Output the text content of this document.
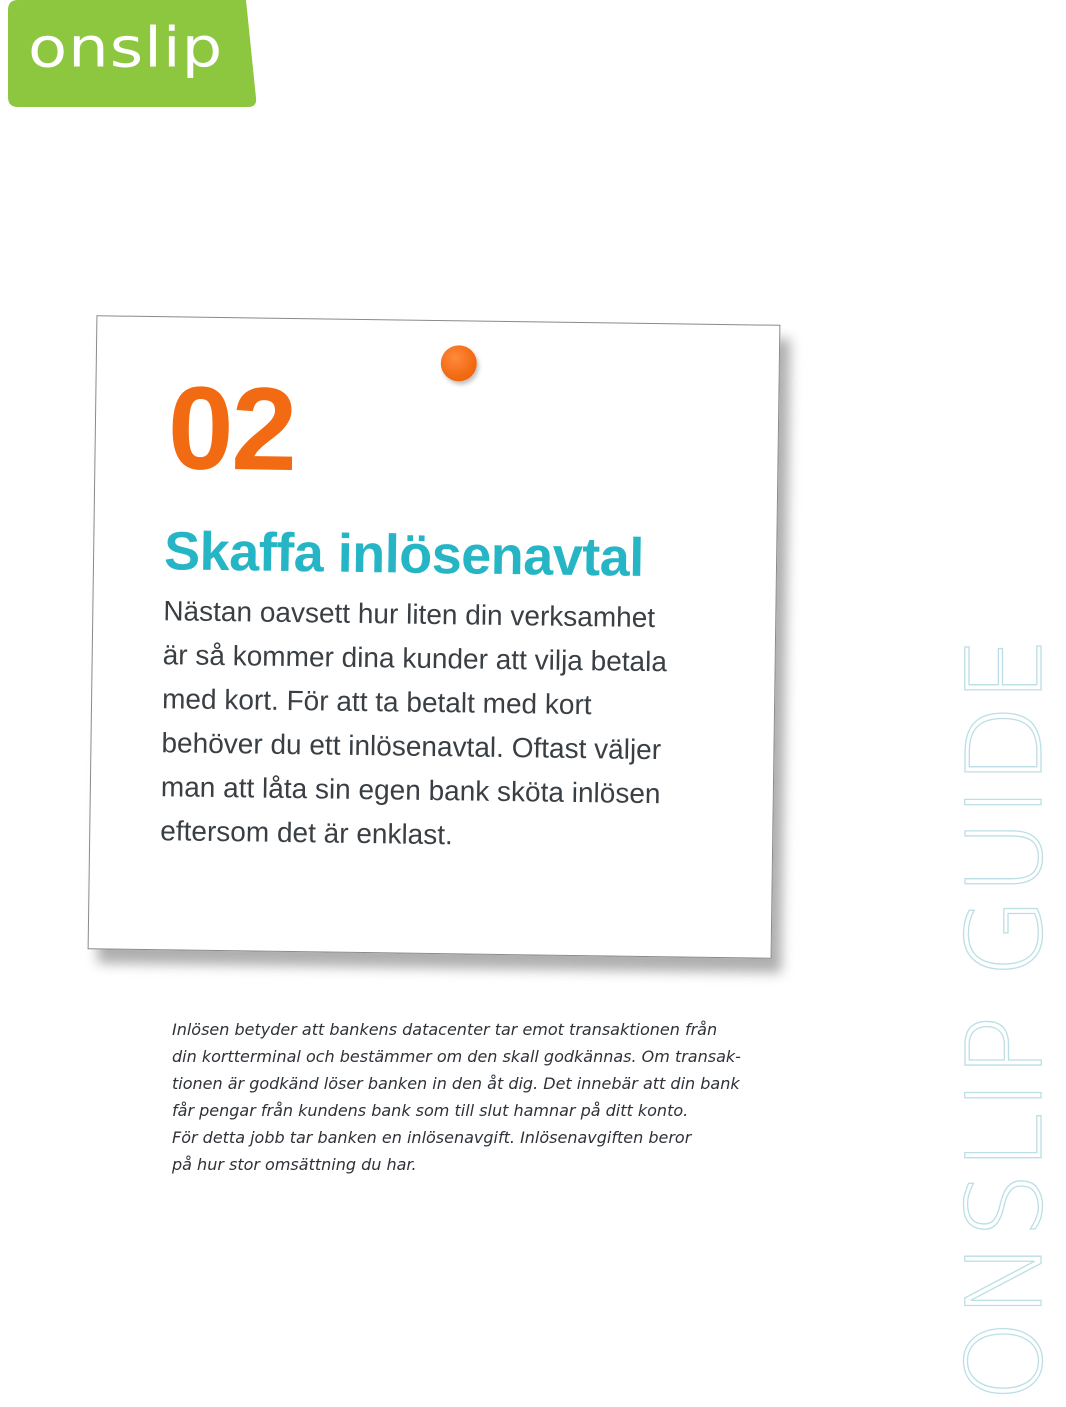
onslip
02
Skaffa inlösenavtal
Nästan oavsett hur liten din verksamhet
är så kommer dina kunder att vilja betala
med kort. För att ta betalt med kort
behöver du ett inlösenavtal. Oftast väljer
man att låta sin egen bank sköta inlösen
eftersom det är enklast.
Inlösen betyder att bankens datacenter tar emot transaktionen från
din kortterminal och bestämmer om den skall godkännas. Om transak-
tionen är godkänd löser banken in den åt dig. Det innebär att din bank
får pengar från kundens bank som till slut hamnar på ditt konto.
För detta jobb tar banken en inlösenavgift. Inlösenavgiften beror
på hur stor omsättning du har.	ONSLIP GUIDE
